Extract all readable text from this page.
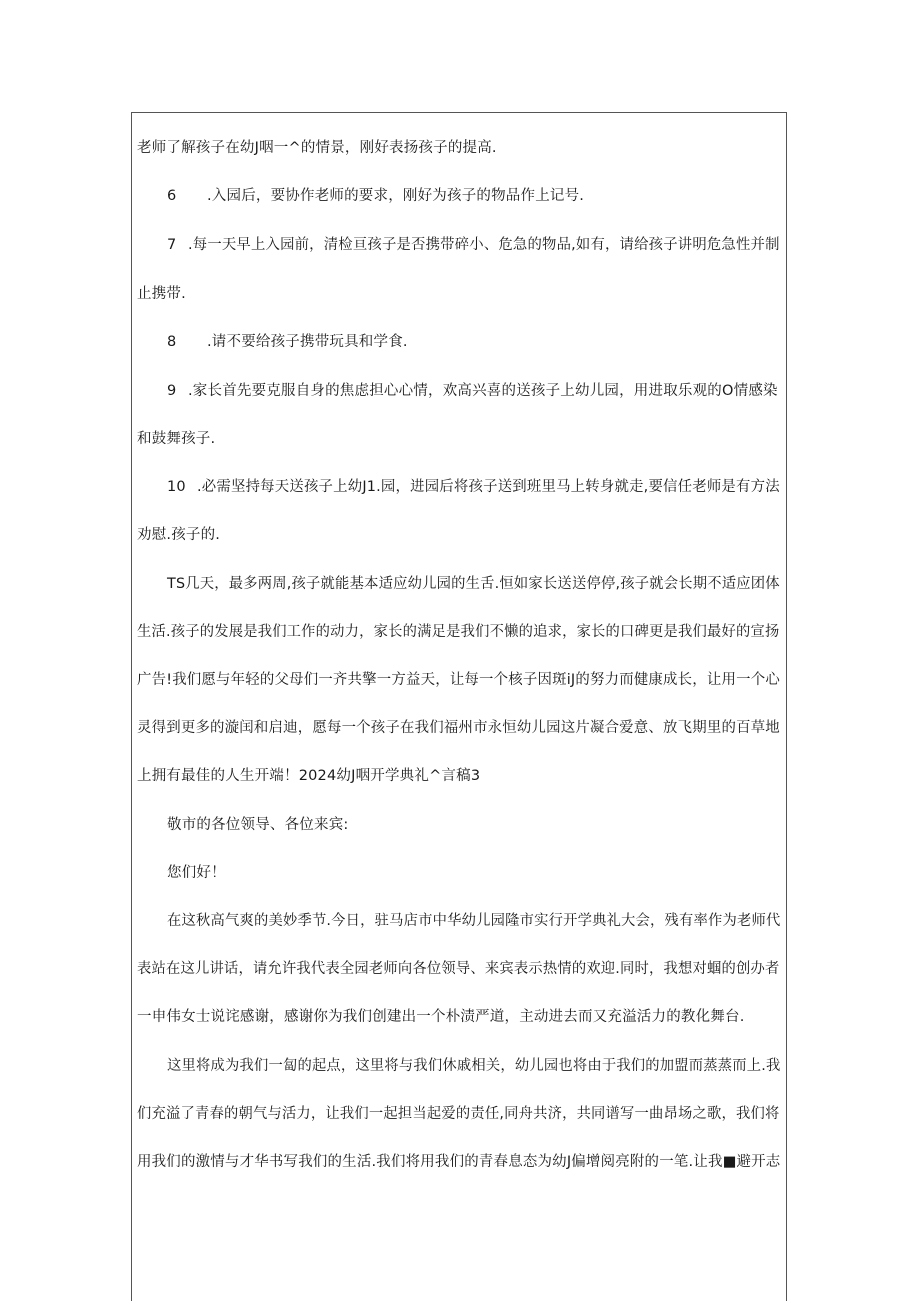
老师了解孩子在幼J咽一^的情景，刚好表扬孩子的提高.
6 .入园后，要协作老师的要求，刚好为孩子的物品作上记号.
7 .每一天早上入园前，清检亘孩子是否携带碎小、危急的物品,如有，请给孩子讲明危急性并制
止携带.
8 .请不要给孩子携带玩具和学食.
9 .家长首先要克服自身的焦虑担心心情，欢高兴喜的送孩子上幼儿园，用进取乐观的O情感染
和鼓舞孩子.
10 .必需坚持每天送孩子上幼J1.园，进园后将孩子送到班里马上转身就走,要信任老师是有方法
劝慰.孩子的.
TS几天，最多两周,孩子就能基本适应幼儿园的生舌.恒如家长送送停停,孩子就会长期不适应团体
生活.孩子的发展是我们工作的动力，家长的满足是我们不懒的追求，家长的口碑更是我们最好的宣扬
广告!我们愿与年轻的父母们一齐共擎一方益天，让每一个核子因斑iJ的努力而健康成长，让用一个心
灵得到更多的漩闰和启迪，愿每一个孩子在我们福州市永恒幼儿园这片凝合爱意、放飞期里的百草地
上拥有最佳的人生开端！2024幼J咽开学典礼^言稿3
敬市的各位领导、各位来宾:
您们好！
在这秋高气爽的美妙季节.今日，驻马店市中华幼儿园隆市实行开学典礼大会，残有率作为老师代
表站在这儿讲话，请允许我代表全园老师向各位领导、来宾表示热情的欢迎.同时，我想对蝈的创办者
一申伟女士说诧感谢，感谢你为我们创建出一个朴渍严道，主动进去而又充溢活力的教化舞台.
这里将成为我们一匐的起点，这里将与我们休戚相关，幼儿园也将由于我们的加盟而蒸蒸而上.我
们充溢了青春的朝气与活力，让我们一起担当起爱的责任,同舟共济，共同谱写一曲昂场之歌，我们将
用我们的激情与才华书写我们的生活.我们将用我们的青春息态为幼J偏增阅亮附的一笔.让我■避开志
